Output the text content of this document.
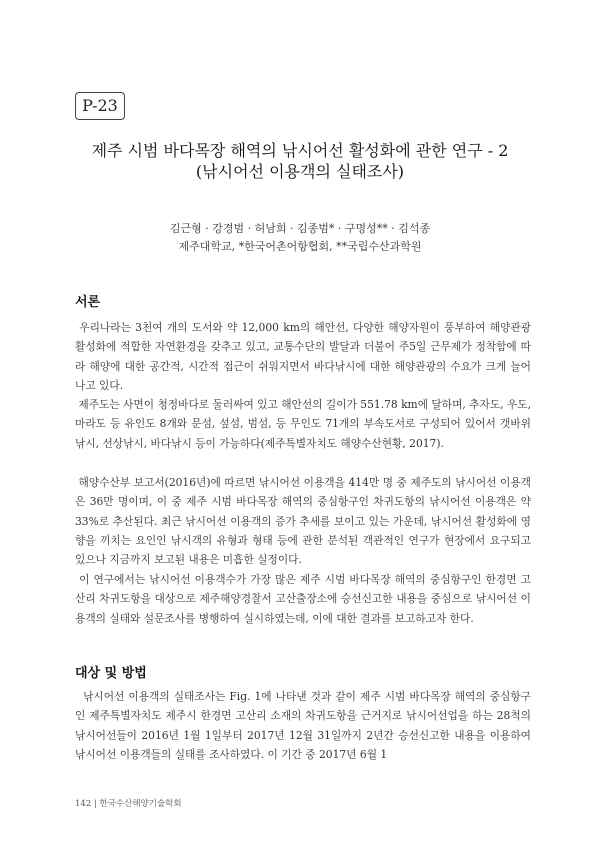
P-23
제주 시범 바다목장 해역의 낚시어선 활성화에 관한 연구 - 2
(낚시어선 이용객의 실태조사)
김근형 · 강경범 · 허남희 · 김종범* · 구명성** · 김석종
제주대학교, *한국어촌어항협회, **국립수산과학원
서론

우리나라는 3천여 개의 도서와 약 12,000 km의 해안선, 다양한 해양자원이 풍부하여 해양관광 활성화에 적합한 자연환경을 갖추고 있고, 교통수단의 발달과 더불어 주5일 근무제가 정착함에 따라 해양에 대한 공간적, 시간적 접근이 쉬워지면서 바다낚시에 대한 해양관광의 수요가 크게 늘어나고 있다.

제주도는 사면이 청정바다로 둘러싸여 있고 해안선의 길이가 551.78 km에 달하며, 추자도, 우도, 마라도 등 유인도 8개와 문섬, 섶섬, 범섬, 등 무인도 71개의 부속도서로 구성되어 있어서 갯바위낚시, 선상낚시, 바다낚시 등이 가능하다(제주특별자치도 해양수산현황, 2017).

해양수산부 보고서(2016년)에 따르면 낚시어선 이용객을 414만 명 중 제주도의 낚시어선 이용객은 36만 명이며, 이 중 제주 시범 바다목장 해역의 중심항구인 차귀도항의 낚시어선 이용객은 약 33%로 추산된다. 최근 낚시어선 이용객의 증가 추세를 보이고 있는 가운데, 낚시어선 활성화에 영향을 끼치는 요인인 낚시객의 유형과 형태 등에 관한 분석된 객관적인 연구가 현장에서 요구되고 있으나 지금까지 보고된 내용은 미흡한 실정이다.

이 연구에서는 낚시어선 이용객수가 가장 많은 제주 시범 바다목장 해역의 중심항구인 한경면 고산리 차귀도항을 대상으로 제주해양경찰서 고산출장소에 승선신고한 내용을 중심으로 낚시어선 이용객의 실태와 설문조사를 병행하여 실시하였는데, 이에 대한 결과를 보고하고자 한다.

대상 및 방법

낚시어선 이용객의 실태조사는 Fig. 1에 나타낸 것과 같이 제주 시범 바다목장 해역의 중심항구인 제주특별자치도 제주시 한경면 고산리 소재의 차귀도항을 근거지로 낚시어선업을 하는 28척의 낚시어선들이 2016년 1월 1일부터 2017년 12월 31일까지 2년간 승선신고한 내용을 이용하여 낚시어선 이용객들의 실태를 조사하였다. 이 기간 중 2017년 6월 1

142 | 한국수산해양기술학회
